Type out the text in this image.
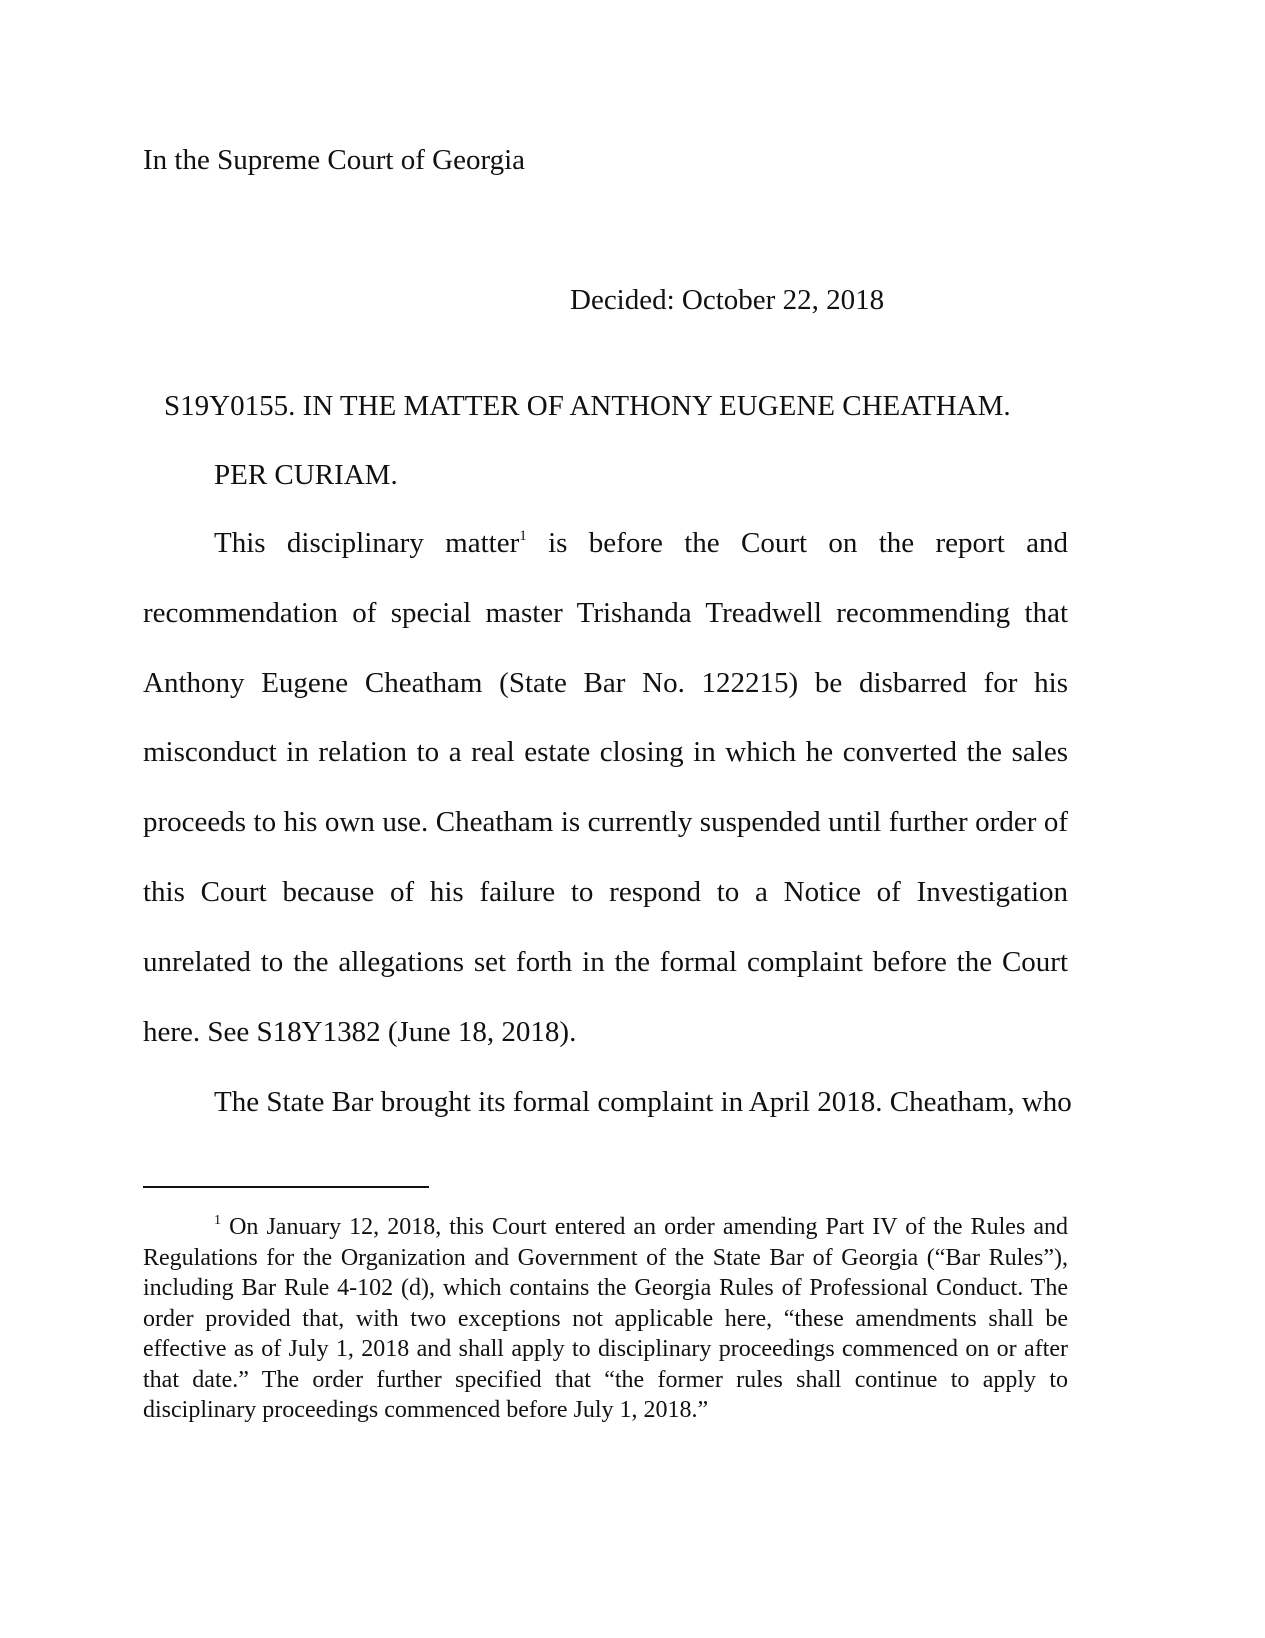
In the Supreme Court of Georgia
Decided: October 22, 2018
S19Y0155. IN THE MATTER OF ANTHONY EUGENE CHEATHAM.
PER CURIAM.

This disciplinary matter$^1$ is before the Court on the report and recommendation of special master Trishanda Treadwell recommending that Anthony Eugene Cheatham (State Bar No. 122215) be disbarred for his misconduct in relation to a real estate closing in which he converted the sales proceeds to his own use. Cheatham is currently suspended until further order of this Court because of his failure to respond to a Notice of Investigation unrelated to the allegations set forth in the formal complaint before the Court here. See S18Y1382 (June 18, 2018).

The State Bar brought its formal complaint in April 2018. Cheatham, who

$^1$ On January 12, 2018, this Court entered an order amending Part IV of the Rules and Regulations for the Organization and Government of the State Bar of Georgia (“Bar Rules”), including Bar Rule 4-102 (d), which contains the Georgia Rules of Professional Conduct. The order provided that, with two exceptions not applicable here, “these amendments shall be effective as of July 1, 2018 and shall apply to disciplinary proceedings commenced on or after that date.” The order further specified that “the former rules shall continue to apply to disciplinary proceedings commenced before July 1, 2018.”
